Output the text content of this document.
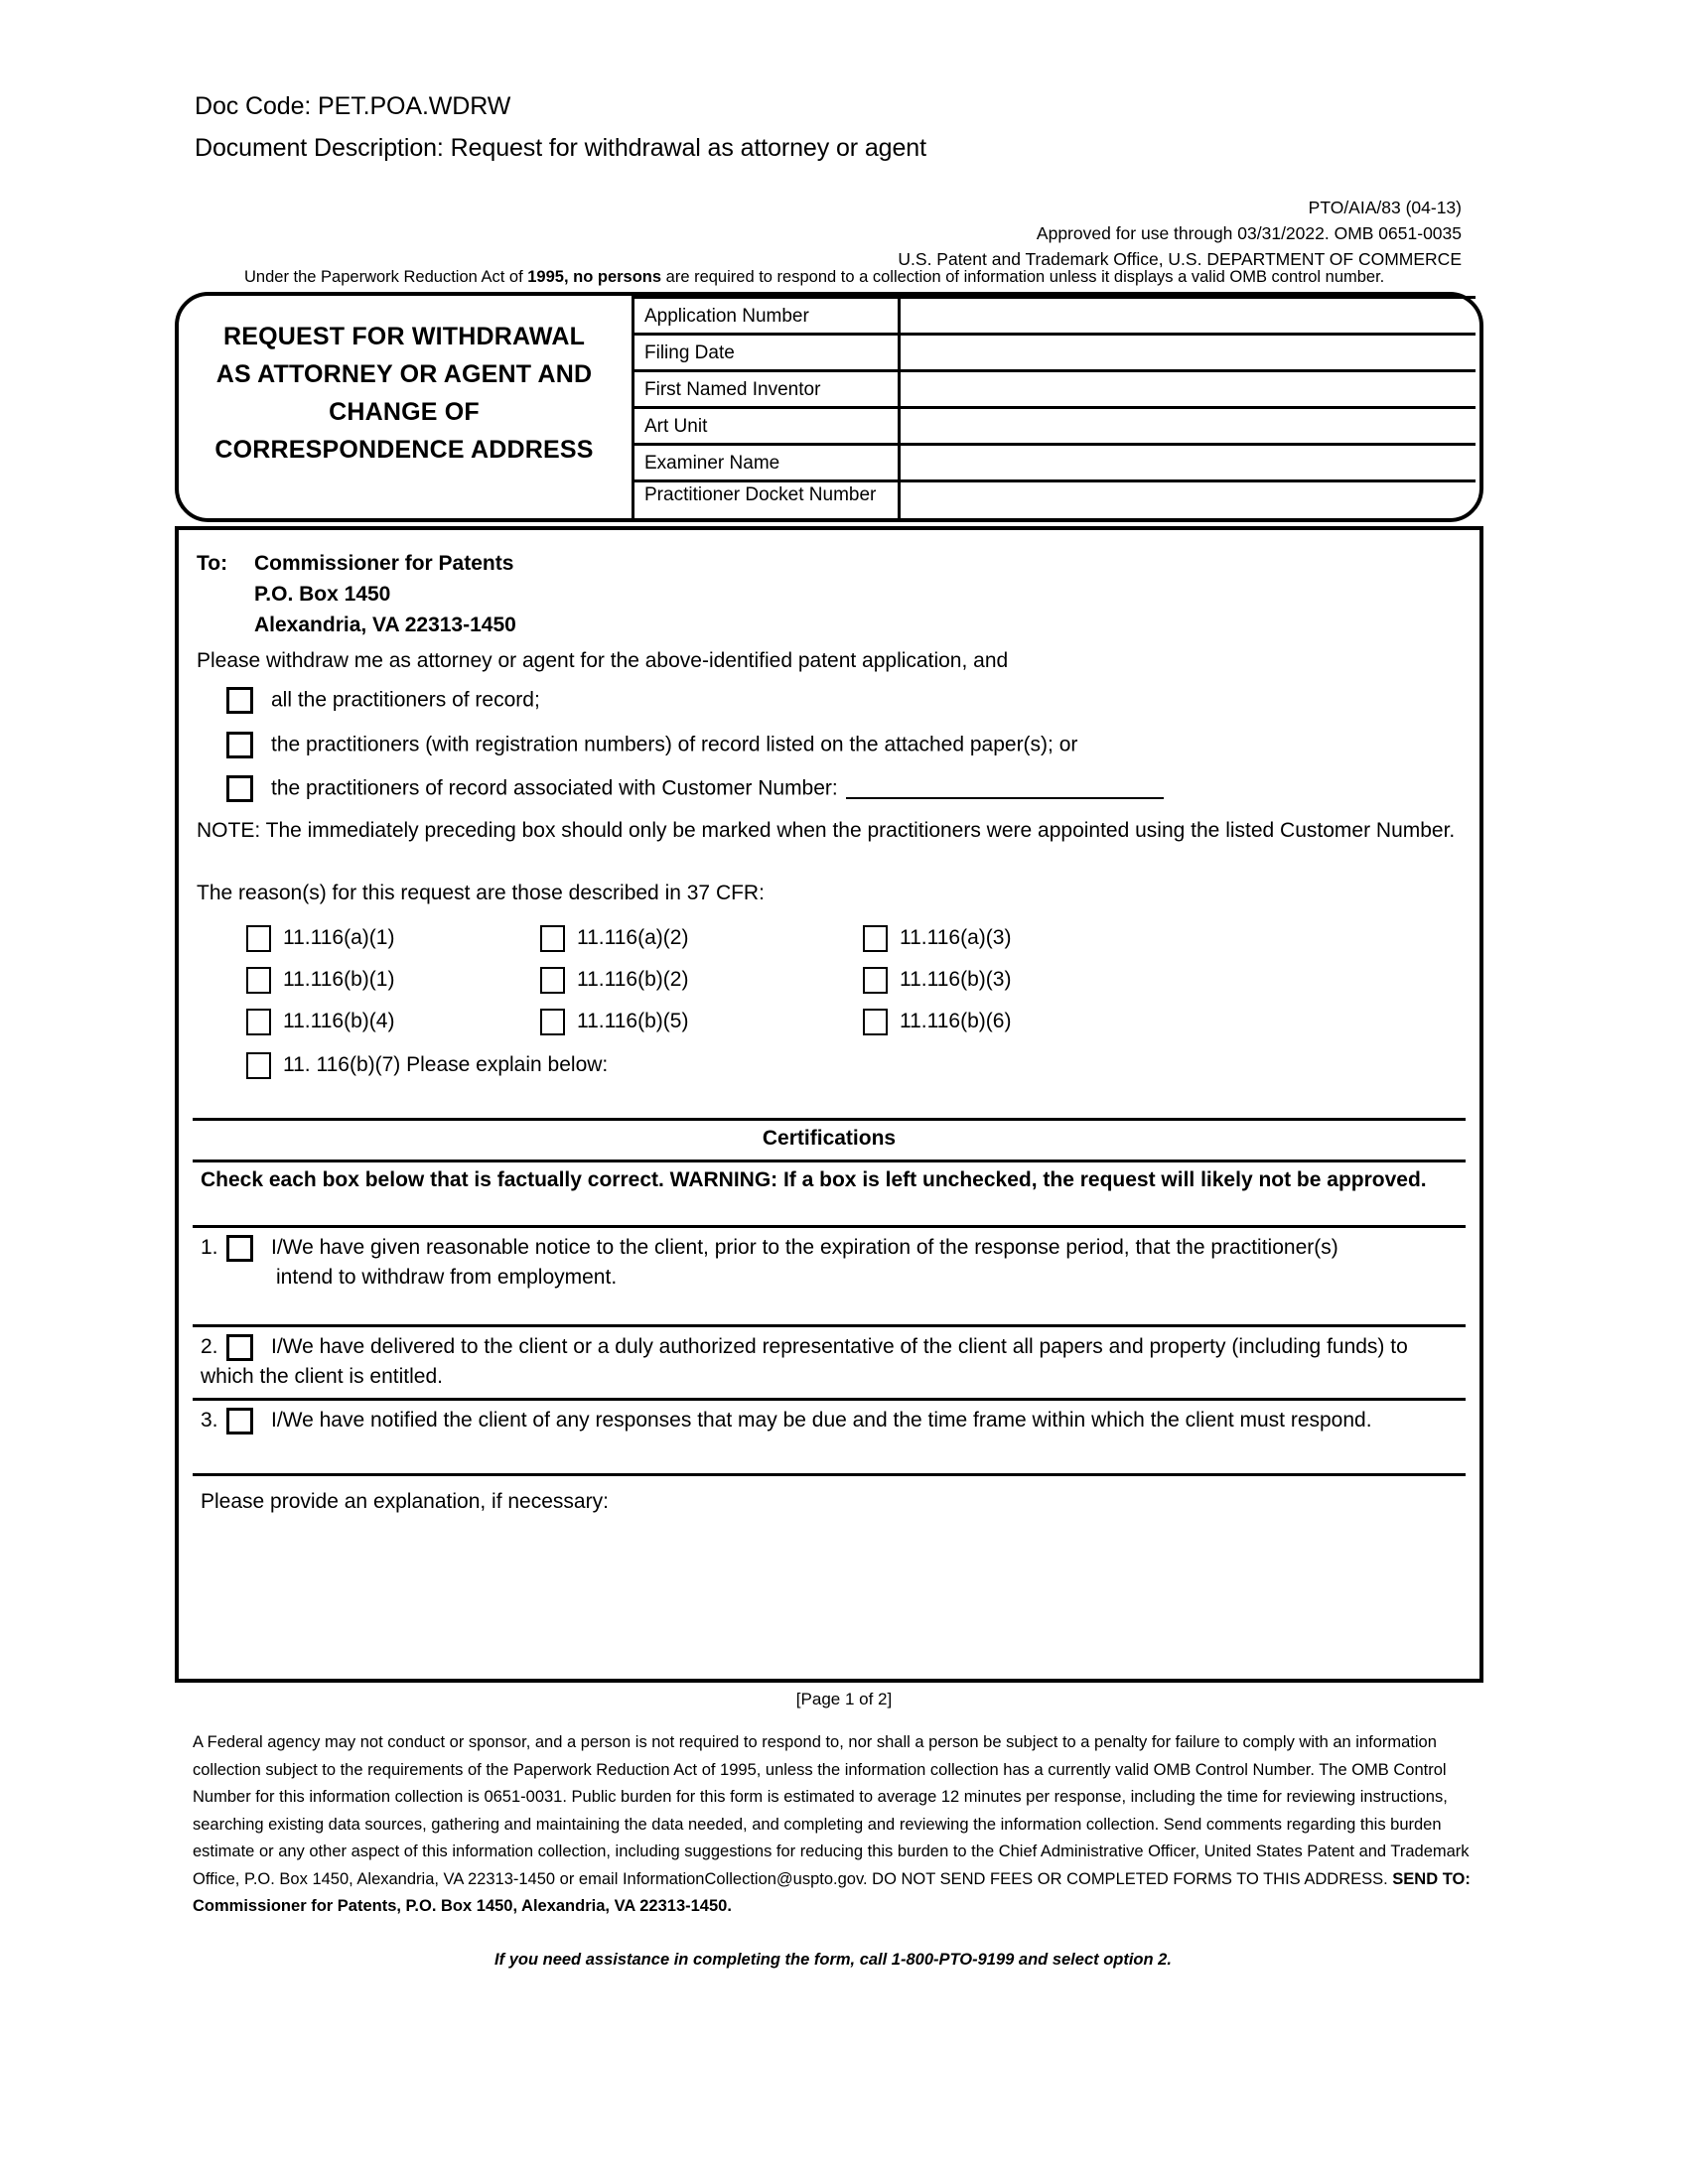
Doc Code: PET.POA.WDRW
Document Description: Request for withdrawal as attorney or agent
PTO/AIA/83 (04-13)
Approved for use through 03/31/2022. OMB 0651-0035
U.S. Patent and Trademark Office, U.S. DEPARTMENT OF COMMERCE
Under the Paperwork Reduction Act of 1995, no persons are required to respond to a collection of information unless it displays a valid OMB control number.
REQUEST FOR WITHDRAWAL
AS ATTORNEY OR AGENT AND
CHANGE OF
CORRESPONDENCE ADDRESS
Application Number
Filing Date
First Named Inventor
Art Unit
Examiner Name
Practitioner Docket Number
To: Commissioner for Patents
P.O. Box 1450
Alexandria, VA 22313-1450
Please withdraw me as attorney or agent for the above-identified patent application, and
all the practitioners of record;
the practitioners (with registration numbers) of record listed on the attached paper(s); or
the practitioners of record associated with Customer Number:
NOTE: The immediately preceding box should only be marked when the practitioners were appointed using the listed Customer Number.
The reason(s) for this request are those described in 37 CFR:
11.116(a)(1)	11.116(a)(2)	11.116(a)(3)
11.116(b)(1)	11.116(b)(2)	11.116(b)(3)
11.116(b)(4)	11.116(b)(5)	11.116(b)(6)
11. 116(b)(7) Please explain below:
Certifications
Check each box below that is factually correct. WARNING: If a box is left unchecked, the request will likely not be approved.
1.	I/We have given reasonable notice to the client, prior to the expiration of the response period, that the practitioner(s)
intend to withdraw from employment.
2.	I/We have delivered to the client or a duly authorized representative of the client all papers and property (including funds) to which the client is entitled.
3.	I/We have notified the client of any responses that may be due and the time frame within which the client must respond.
Please provide an explanation, if necessary:
[Page 1 of 2]
A Federal agency may not conduct or sponsor, and a person is not required to respond to, nor shall a person be subject to a penalty for failure to comply with an information collection subject to the requirements of the Paperwork Reduction Act of 1995, unless the information collection has a currently valid OMB Control Number. The OMB Control Number for this information collection is 0651-0031. Public burden for this form is estimated to average 12 minutes per response, including the time for reviewing instructions, searching existing data sources, gathering and maintaining the data needed, and completing and reviewing the information collection. Send comments regarding this burden estimate or any other aspect of this information collection, including suggestions for reducing this burden to the Chief Administrative Officer, United States Patent and Trademark Office, P.O. Box 1450, Alexandria, VA 22313-1450 or email InformationCollection@uspto.gov. DO NOT SEND FEES OR COMPLETED FORMS TO THIS ADDRESS. SEND TO: Commissioner for Patents, P.O. Box 1450, Alexandria, VA 22313-1450.
If you need assistance in completing the form, call 1-800-PTO-9199 and select option 2.
